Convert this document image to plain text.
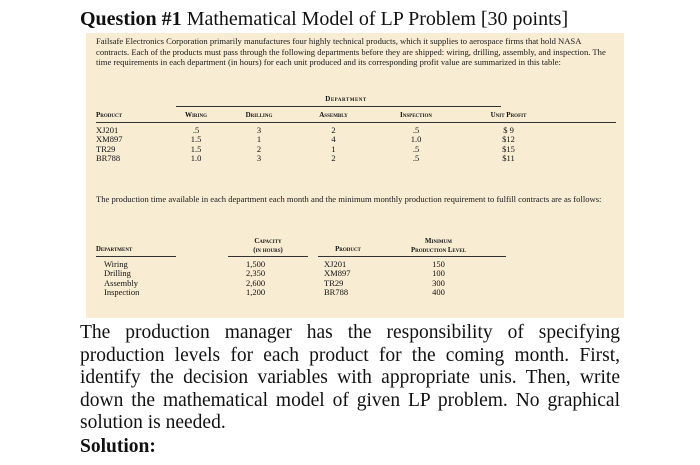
Question #1 Mathematical Model of LP Problem [30 points]

Failsafe Electronics Corporation primarily manufactures four highly technical products, which it supplies to aerospace firms that hold NASA contracts. Each of the products must pass through the following departments before they are shipped: wiring, drilling, assembly, and inspection. The time requirements in each department (in hours) for each unit produced and its corresponding profit value are summarized in this table:

Department
Product
XJ201
XM897
TR29
BR788
Wiring
.5
1.5
1.5
1.0
Drilling
3
1
2
3
Assembly
2
4
1
2
Inspection
.5
1.0
.5
.5
Unit Profit
$ 9
$12
$15
$11

The production time available in each department each month and the minimum monthly production requirement to fulfill contracts are as follows:

Department
Capacity
(in hours)	Product
Minimum
Production Level
Wiring
Drilling
Assembly
Inspection
1,500
2,350
2,600
1,200
XJ201
XM897
TR29
BR788
150
100
300
400
The production manager has the responsibility of specifying production levels for each product for the coming month. First, identify the decision variables with appropriate unis. Then, write down the mathematical model of given LP problem. No graphical solution is needed.
Solution:
